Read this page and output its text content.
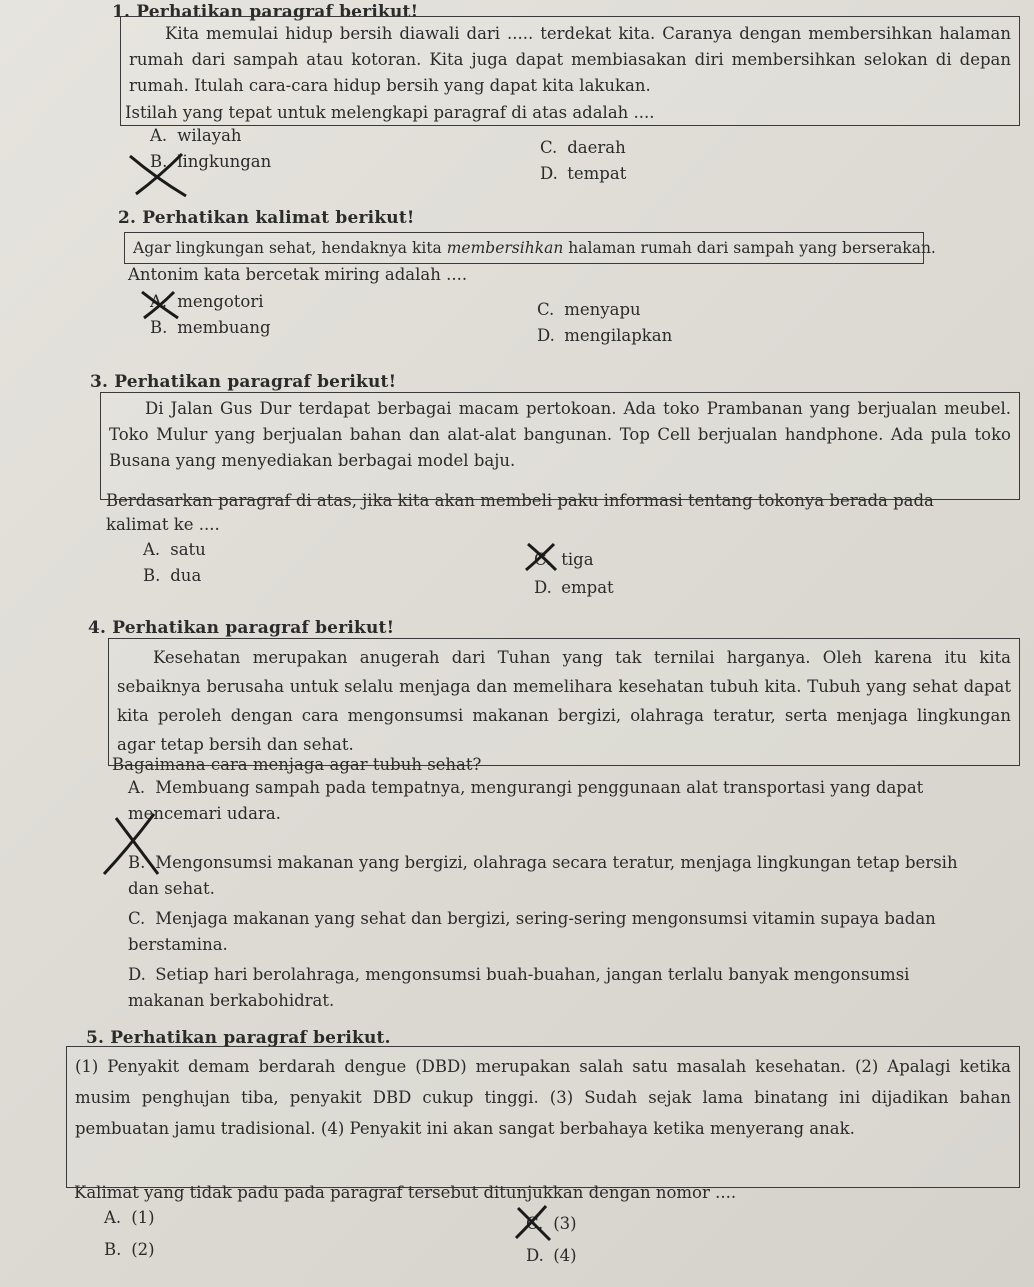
1. Perhatikan paragraf berikut!
Kita memulai hidup bersih diawali dari ..... terdekat kita. Caranya dengan membersihkan halaman rumah dari sampah atau kotoran. Kita juga dapat membiasakan diri membersihkan selokan di depan rumah. Itulah cara-cara hidup bersih yang dapat kita lakukan.
Istilah yang tepat untuk melengkapi paragraf di atas adalah ....
A. wilayah
B. lingkungan
C. daerah
D. tempat
2. Perhatikan kalimat berikut!
Agar lingkungan sehat, hendaknya kita membersihkan halaman rumah dari sampah yang berserakan.
Antonim kata bercetak miring adalah ....
A. mengotori
B. membuang
C. menyapu
D. mengilapkan
3. Perhatikan paragraf berikut!
Di Jalan Gus Dur terdapat berbagai macam pertokoan. Ada toko Prambanan yang berjualan meubel. Toko Mulur yang berjualan bahan dan alat-alat bangunan. Top Cell berjualan handphone. Ada pula toko Busana yang menyediakan berbagai model baju.
Berdasarkan paragraf di atas, jika kita akan membeli paku informasi tentang tokonya berada pada
kalimat ke ....
A. satu
B. dua
C. tiga
D. empat
4. Perhatikan paragraf berikut!
Kesehatan merupakan anugerah dari Tuhan yang tak ternilai harganya. Oleh karena itu kita sebaiknya berusaha untuk selalu menjaga dan memelihara kesehatan tubuh kita. Tubuh yang sehat dapat kita peroleh dengan cara mengonsumsi makanan bergizi, olahraga teratur, serta menjaga lingkungan agar tetap bersih dan sehat.
Bagaimana cara menjaga agar tubuh sehat?
A. Membuang sampah pada tempatnya, mengurangi penggunaan alat transportasi yang dapat mencemari udara.
B. Mengonsumsi makanan yang bergizi, olahraga secara teratur, menjaga lingkungan tetap bersih dan sehat.
C. Menjaga makanan yang sehat dan bergizi, sering-sering mengonsumsi vitamin supaya badan berstamina.
D. Setiap hari berolahraga, mengonsumsi buah-buahan, jangan terlalu banyak mengonsumsi makanan berkabohidrat.
5. Perhatikan paragraf berikut.
(1) Penyakit demam berdarah dengue (DBD) merupakan salah satu masalah kesehatan. (2) Apalagi ketika musim penghujan tiba, penyakit DBD cukup tinggi. (3) Sudah sejak lama binatang ini dijadikan bahan pembuatan jamu tradisional. (4) Penyakit ini akan sangat berbahaya ketika menyerang anak.
Kalimat yang tidak padu pada paragraf tersebut ditunjukkan dengan nomor ....
A. (1)
B. (2)
C. (3)
D. (4)
